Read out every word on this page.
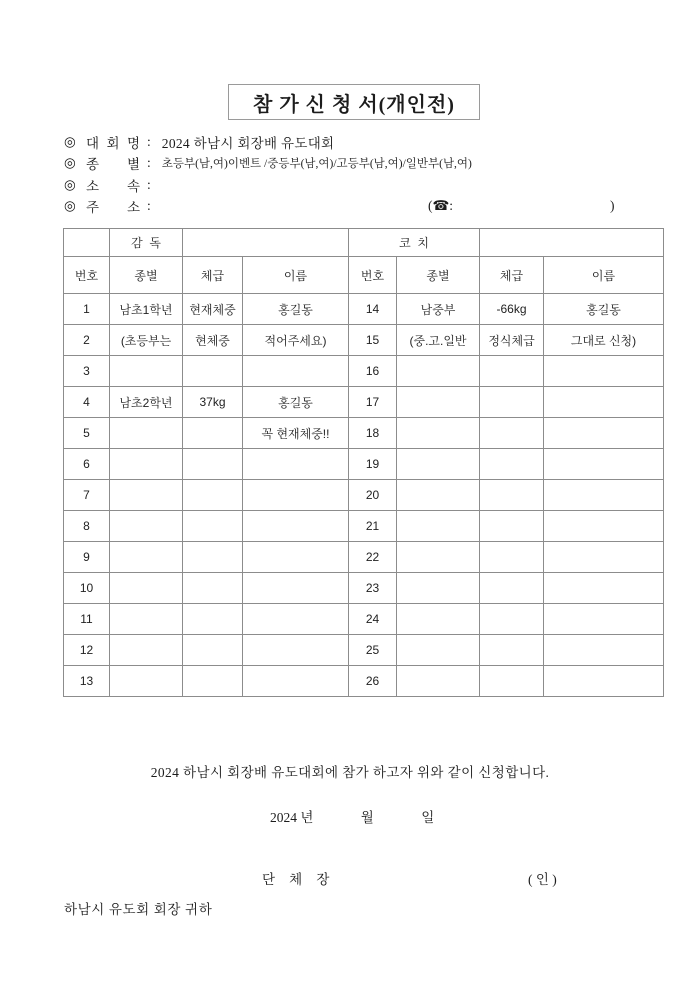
참 가 신 청 서(개인전)
◎ 대 회 명 : 2024 하남시 회장배 유도대회
◎ 종 별 : 초등부(남,여)이벤트 /중등부(남,여)/고등부(남,여)/일반부(남,여)
◎ 소 속 :
◎ 주 소 :	(☎:	)
	감  독			코  치			
번호	종별	체급	이름	번호	종별	체급	이름
1	남초1학년	현재체중	홍길동	14	남중부	-66kg	홍길동
2	(초등부는	현체중	적어주세요)	15	(중.고.일반	정식체급	그대로 신청)
3				16			
4	남초2학년	37kg	홍길동	17			
5			꼭 현재체중!!	18			
6				19			
7				20			
8				21			
9				22			
10				23			
11				24			
12				25			
13				26			
2024 하남시 회장배 유도대회에 참가 하고자 위와 같이 신청합니다.
2024 년	월	일
단   체   장	( 인 )
하남시 유도회 회장 귀하
